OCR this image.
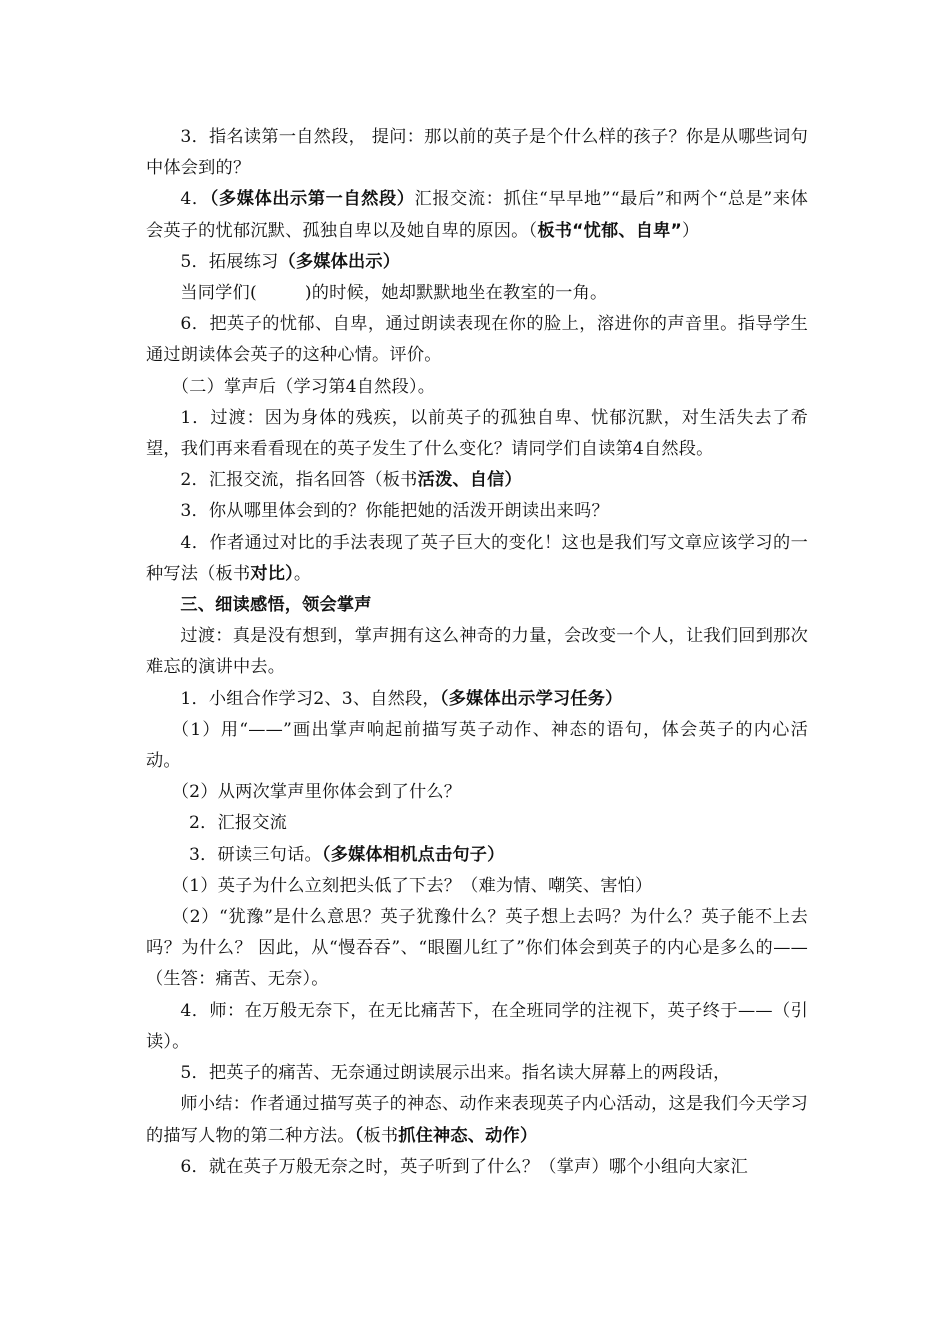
3．指名读第一自然段， 提问：那以前的英子是个什么样的孩子？你是从哪些词句中体会到的？

4．（多媒体出示第一自然段）汇报交流：抓住“早早地”“最后”和两个“总是”来体会英子的忧郁沉默、孤独自卑以及她自卑的原因。（板书“忧郁、自卑”）

5．拓展练习（多媒体出示）

当同学们(	)的时候，她却默默地坐在教室的一角。

6．把英子的忧郁、自卑，通过朗读表现在你的脸上，溶进你的声音里。指导学生通过朗读体会英子的这种心情。评价。

（二）掌声后（学习第4自然段）。

1．过渡：因为身体的残疾，以前英子的孤独自卑、忧郁沉默，对生活失去了希望，我们再来看看现在的英子发生了什么变化？请同学们自读第4自然段。

2．汇报交流，指名回答（板书活泼、自信）

3．你从哪里体会到的？你能把她的活泼开朗读出来吗？

4．作者通过对比的手法表现了英子巨大的变化！这也是我们写文章应该学习的一种写法（板书对比）。

三、细读感悟，领会掌声

过渡：真是没有想到，掌声拥有这么神奇的力量，会改变一个人，让我们回到那次难忘的演讲中去。

1．小组合作学习2、3、自然段，（多媒体出示学习任务）

（1）用“——”画出掌声响起前描写英子动作、神态的语句，体会英子的内心活动。

（2）从两次掌声里你体会到了什么？

2．汇报交流

3．研读三句话。（多媒体相机点击句子）

（1）英子为什么立刻把头低了下去？（难为情、嘲笑、害怕）

（2）“犹豫”是什么意思？英子犹豫什么？英子想上去吗？为什么？英子能不上去吗？为什么？ 因此，从“慢吞吞”、“眼圈儿红了”你们体会到英子的内心是多么的——（生答：痛苦、无奈）。

4．师：在万般无奈下，在无比痛苦下，在全班同学的注视下，英子终于——（引读）。

5．把英子的痛苦、无奈通过朗读展示出来。指名读大屏幕上的两段话，

师小结：作者通过描写英子的神态、动作来表现英子内心活动，这是我们今天学习的描写人物的第二种方法。（板书抓住神态、动作）

6．就在英子万般无奈之时，英子听到了什么？（掌声）哪个小组向大家汇
